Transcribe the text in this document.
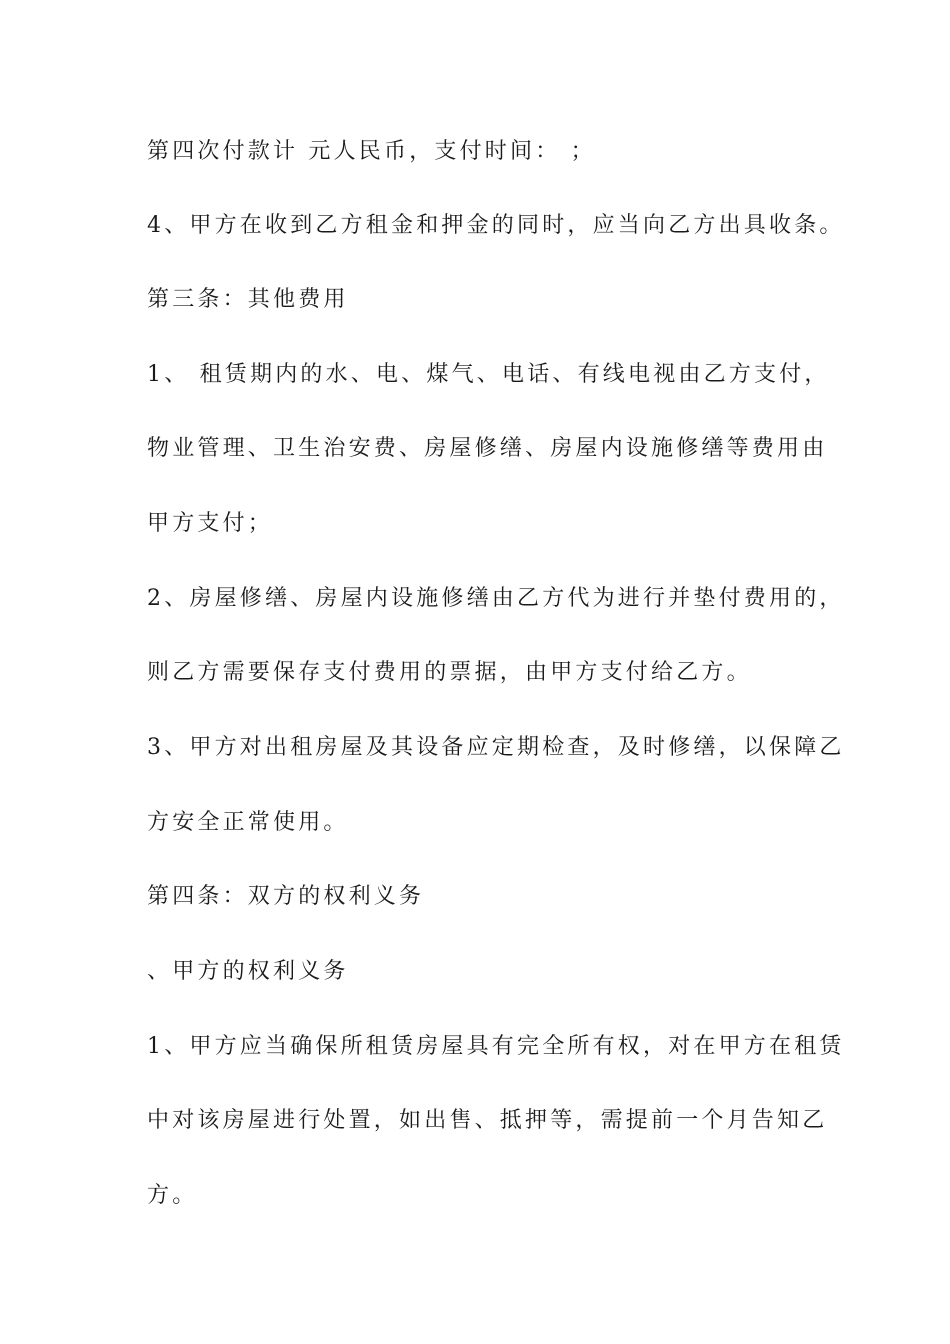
第四次付款计 元人民币，支付时间： ；
4、甲方在收到乙方租金和押金的同时，应当向乙方出具收条。
第三条：其他费用
1、 租赁期内的水、电、煤气、电话、有线电视由乙方支付，
物业管理、卫生治安费、房屋修缮、房屋内设施修缮等费用由
甲方支付；
2、房屋修缮、房屋内设施修缮由乙方代为进行并垫付费用的，
则乙方需要保存支付费用的票据，由甲方支付给乙方。
3、甲方对出租房屋及其设备应定期检查，及时修缮，以保障乙
方安全正常使用。
第四条：双方的权利义务
、甲方的权利义务
1、甲方应当确保所租赁房屋具有完全所有权，对在甲方在租赁
中对该房屋进行处置，如出售、抵押等，需提前一个月告知乙
方。
